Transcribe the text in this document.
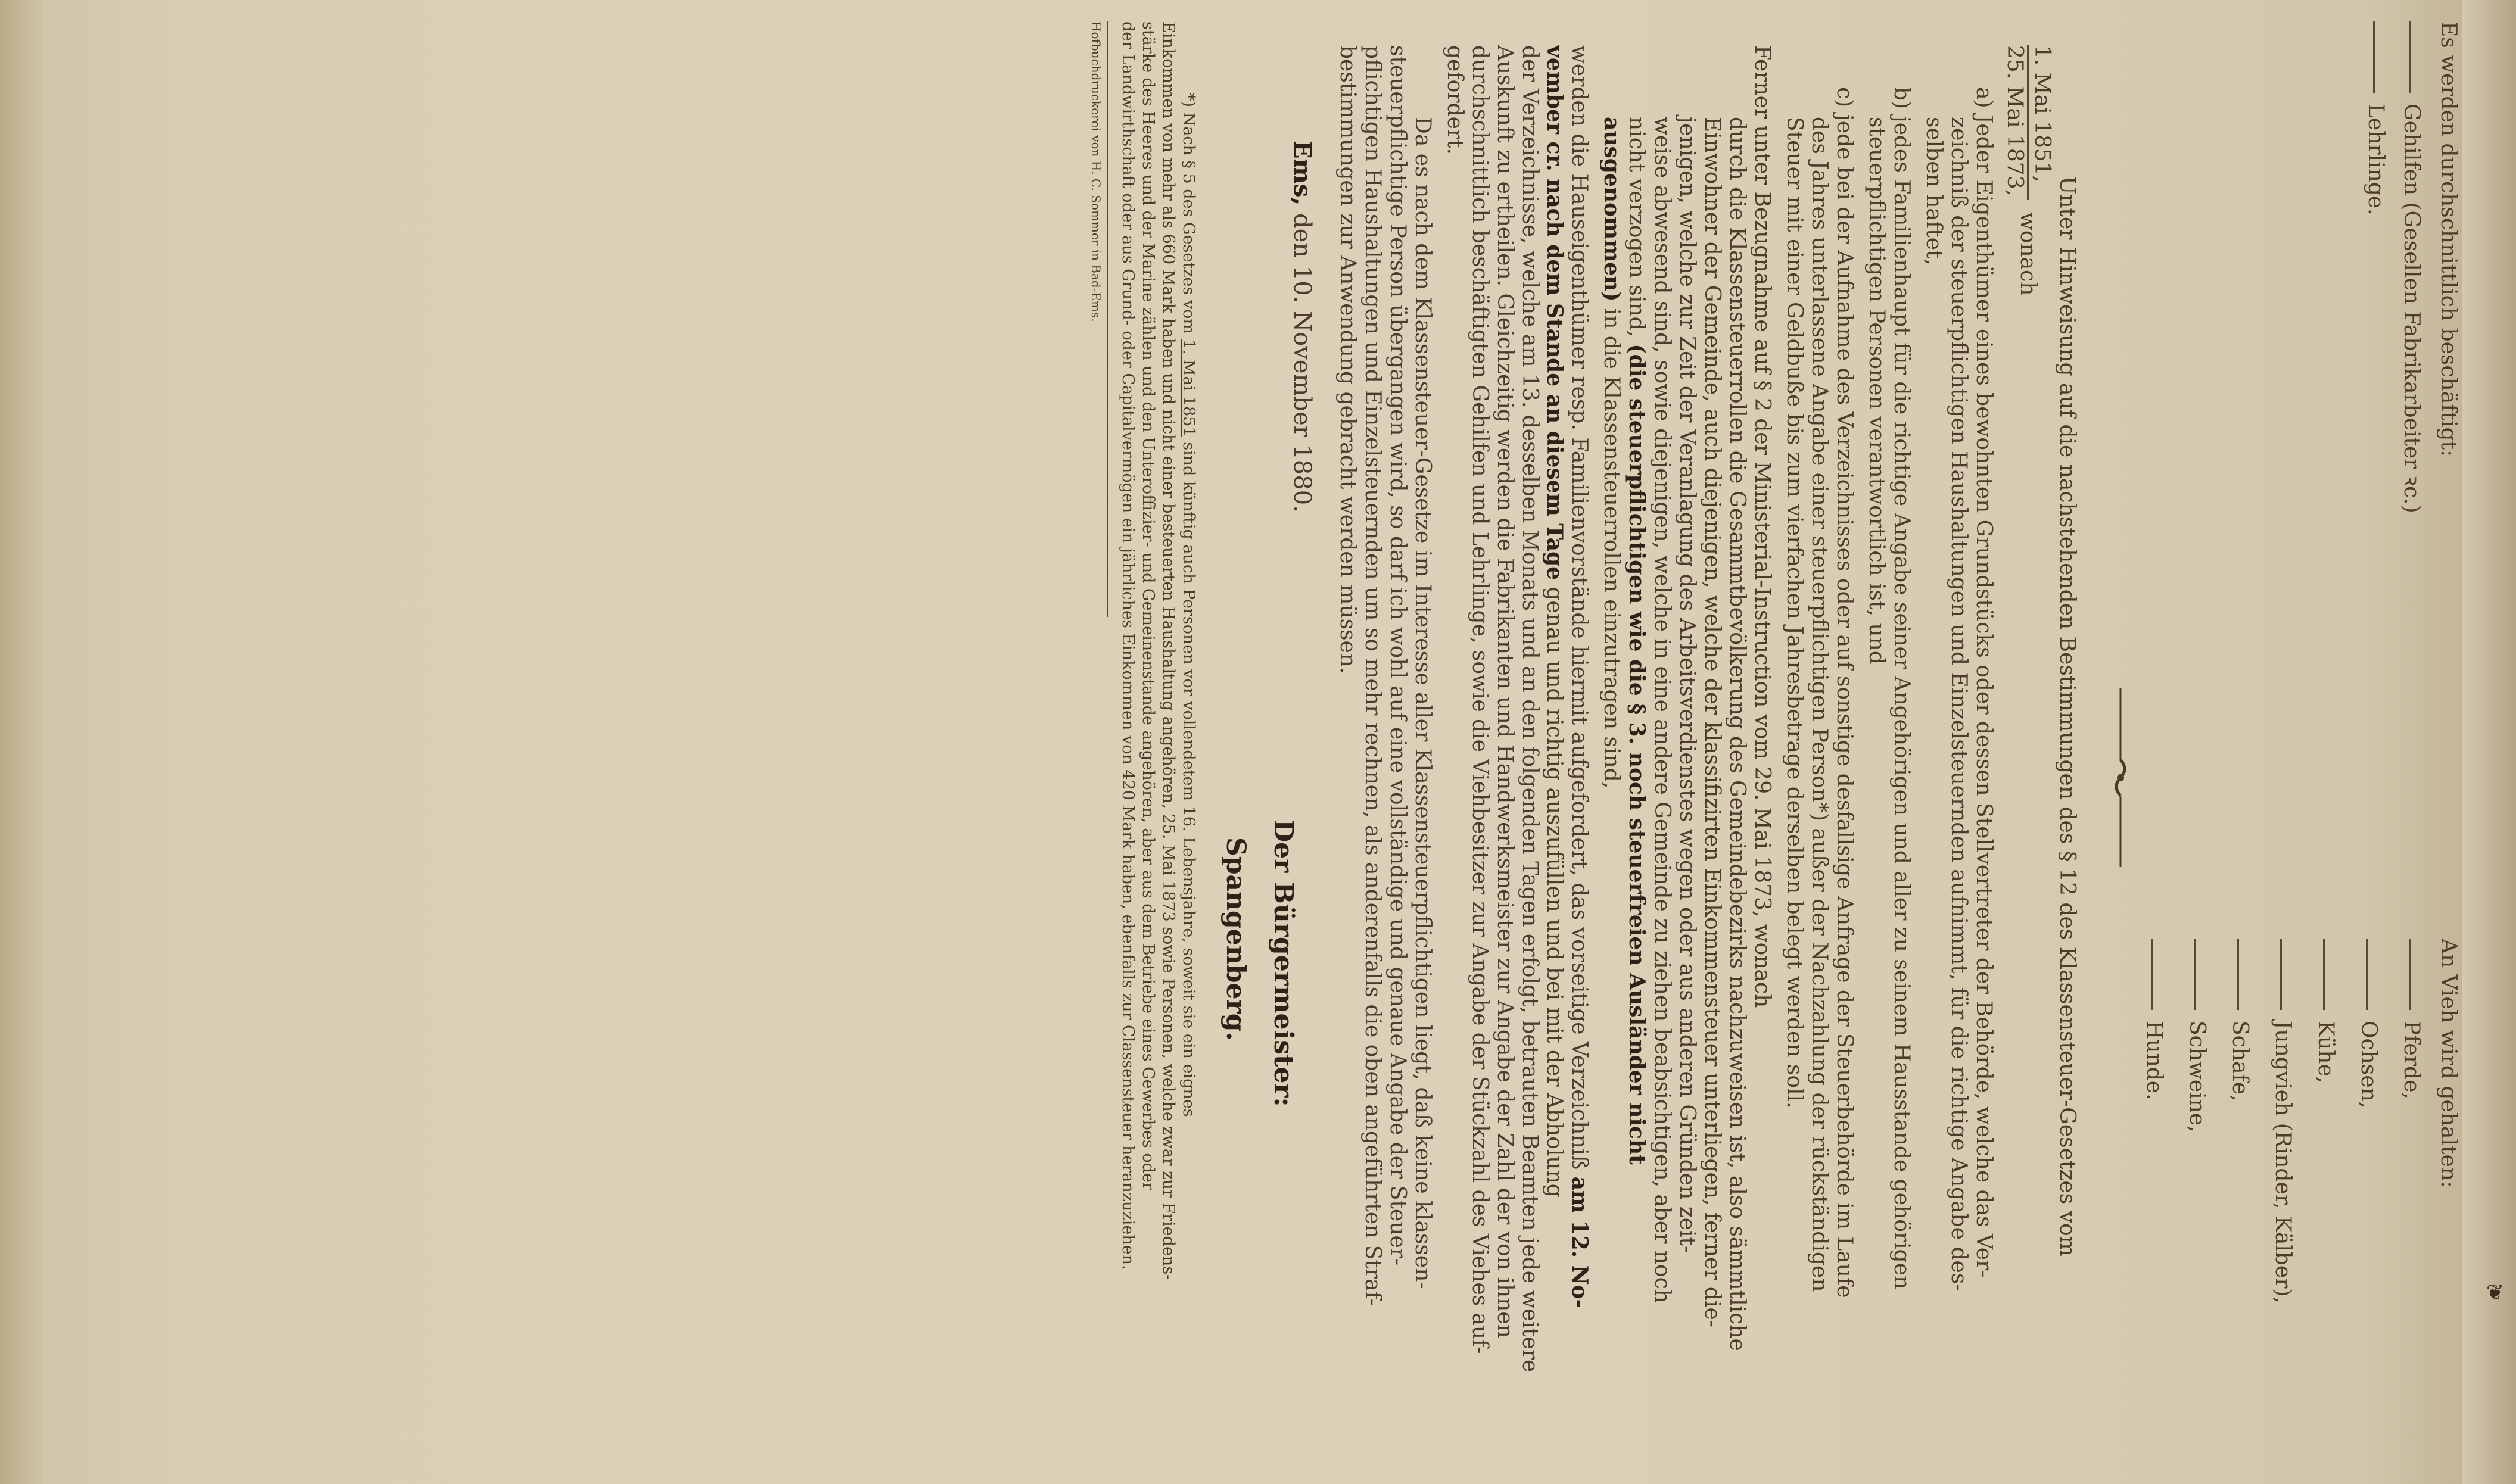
❦
Es werden durchschnittlich beschäftigt:
An Vieh wird gehalten:
Gehilfen (Gesellen Fabrikarbeiter ꝛc.)
Lehrlinge.
Pferde,
Ochsen,
Kühe,
Jungvieh (Rinder, Kälber),
Schafe,
Schweine,
Hunde.
Unter Hinweisung auf die nachstehenden Bestimmungen des § 12 des Klassensteuer-Gesetzes vom
1. Mai 1851,
25. Mai 1873,
wonach
a) Jeder Eigenthümer eines bewohnten Grundstücks oder dessen Stellvertreter der Behörde, welche das Ver-
zeichniß der steuerpflichtigen Haushaltungen und Einzelsteuernden aufnimmt, für die richtige Angabe des-
selben haftet,
b) jedes Familienhaupt für die richtige Angabe seiner Angehörigen und aller zu seinem Hausstande gehörigen
steuerpflichtigen Personen verantwortlich ist, und
c) jede bei der Aufnahme des Verzeichnisses oder auf sonstige desfallsige Anfrage der Steuerbehörde im Laufe
des Jahres unterlassene Angabe einer steuerpflichtigen Person*) außer der Nachzahlung der rückständigen
Steuer mit einer Geldbuße bis zum vierfachen Jahresbetrage derselben belegt werden soll.
Ferner unter Bezugnahme auf § 2 der Ministerial-Instruction vom 29. Mai 1873, wonach
durch die Klassensteuerrollen die Gesammtbevölkerung des Gemeindebezirks nachzuweisen ist, also sämmtliche
Einwohner der Gemeinde, auch diejenigen, welche der klassifizirten Einkommensteuer unterliegen, ferner die-
jenigen, welche zur Zeit der Veranlagung des Arbeitsverdienstes wegen oder aus anderen Gründen zeit-
weise abwesend sind, sowie diejenigen, welche in eine andere Gemeinde zu ziehen beabsichtigen, aber noch
nicht verzogen sind, (die steuerpflichtigen wie die § 3. noch steuerfreien Ausländer nicht
ausgenommen) in die Klassensteuerrollen einzutragen sind,
werden die Hauseigenthümer resp. Familienvorstände hiermit aufgefordert, das vorseitige Verzeichniß am 12. No-
vember cr. nach dem Stande an diesem Tage genau und richtig auszufüllen und bei mit der Abholung
der Verzeichnisse, welche am 13. desselben Monats und an den folgenden Tagen erfolgt, betrauten Beamten jede weitere
Auskunft zu ertheilen. Gleichzeitig werden die Fabrikanten und Handwerksmeister zur Angabe der Zahl der von ihnen
durchschnittlich beschäftigten Gehilfen und Lehrlinge, sowie die Viehbesitzer zur Angabe der Stückzahl des Viehes auf-
gefordert.
Da es nach dem Klassensteuer-Gesetze im Interesse aller Klassensteuerpflichtigen liegt, daß keine klassen-
steuerpflichtige Person übergangen wird, so darf ich wohl auf eine vollständige und genaue Angabe der Steuer-
pflichtigen Haushaltungen und Einzelsteuernden um so mehr rechnen, als anderenfalls die oben angeführten Straf-
bestimmungen zur Anwendung gebracht werden müssen.
Ems, den 10. November 1880.
Der Bürgermeister:
Spangenberg.
*) Nach § 5 des Gesetzes vom 1. Mai 1851 sind künftig auch Personen vor vollendetem 16. Lebensjahre, soweit sie ein eignes
Einkommen von mehr als 660 Mark haben und nicht einer besteuerten Haushaltung angehören, 25. Mai 1873 sowie Personen, welche zwar zur Friedens-
stärke des Heeres und der Marine zählen und den Unteroffizier- und Gemeinenstande angehören, aber aus dem Betriebe eines Gewerbes oder
der Landwirthschaft oder aus Grund- oder Capitalvermögen ein jährliches Einkommen von 420 Mark haben, ebenfalls zur Classensteuer heranzuziehen.
Hofbuchdruckerei von H. C. Sommer in Bad-Ems.
